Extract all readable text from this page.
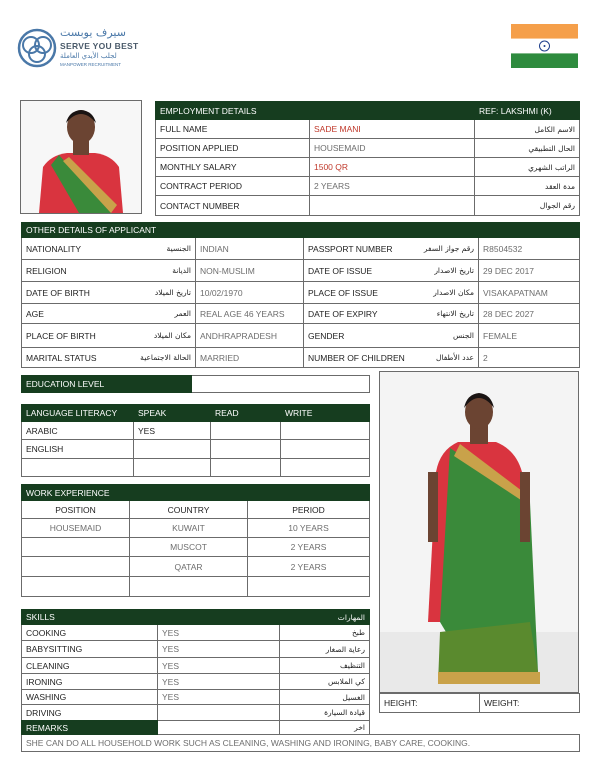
سيرف يوبست
SERVE YOU BEST
لجلب الأيدي العاملة
MANPOWER RECRUITMENT
EMPLOYMENT DETAILS		REF: LAKSHMI (K)
FULL NAME	SADE MANI	الاسم الكامل
POSITION APPLIED	HOUSEMAID	الحال التطبيقي
MONTHLY SALARY	1500 QR	الراتب الشهري
CONTRACT PERIOD	2 YEARS	مدة العقد
CONTACT NUMBER		رقم الجوال
OTHER DETAILS OF APPLICANT			

NATIONALITY الجنسية	INDIAN	PASSPORT NUMBER رقم جواز السفر	R8504532

RELIGION الديانة	NON-MUSLIM	DATE OF ISSUE تاريخ الاصدار	29 DEC 2017

DATE OF BIRTH تاريخ الميلاد	10/02/1970	PLACE OF ISSUE مكان الاصدار	VISAKAPATNAM

AGE العمر	REAL AGE 46 YEARS	DATE OF EXPIRY تاريخ الانتهاء	28 DEC 2027

PLACE OF BIRTH مكان الميلاد	ANDHRAPRADESH	GENDER الجنس	FEMALE

MARITAL STATUS الحالة الاجتماعية	MARRIED	NUMBER OF CHILDREN عدد الأطفال	2
EDUCATION LEVEL	
LANGUAGE LITERACY	SPEAK	READ	WRITE
ARABIC	YES		
ENGLISH			

WORK EXPERIENCE		
POSITION	COUNTRY	PERIOD
HOUSEMAID	KUWAIT	10 YEARS
	MUSCOT	2 YEARS
	QATAR	2 YEARS

HEIGHT:	WEIGHT:
SKILLS		المهارات
COOKING	YES	طبخ
BABYSITTING	YES	رعاية الصغار
CLEANING	YES	التنظيف
IRONING	YES	كي الملابس
WASHING	YES	الغسيل
DRIVING		قيادة السيارة
REMARKS		اخر	
SHE CAN DO ALL HOUSEHOLD WORK SUCH AS CLEANING, WASHING AND IRONING, BABY CARE, COOKING.
